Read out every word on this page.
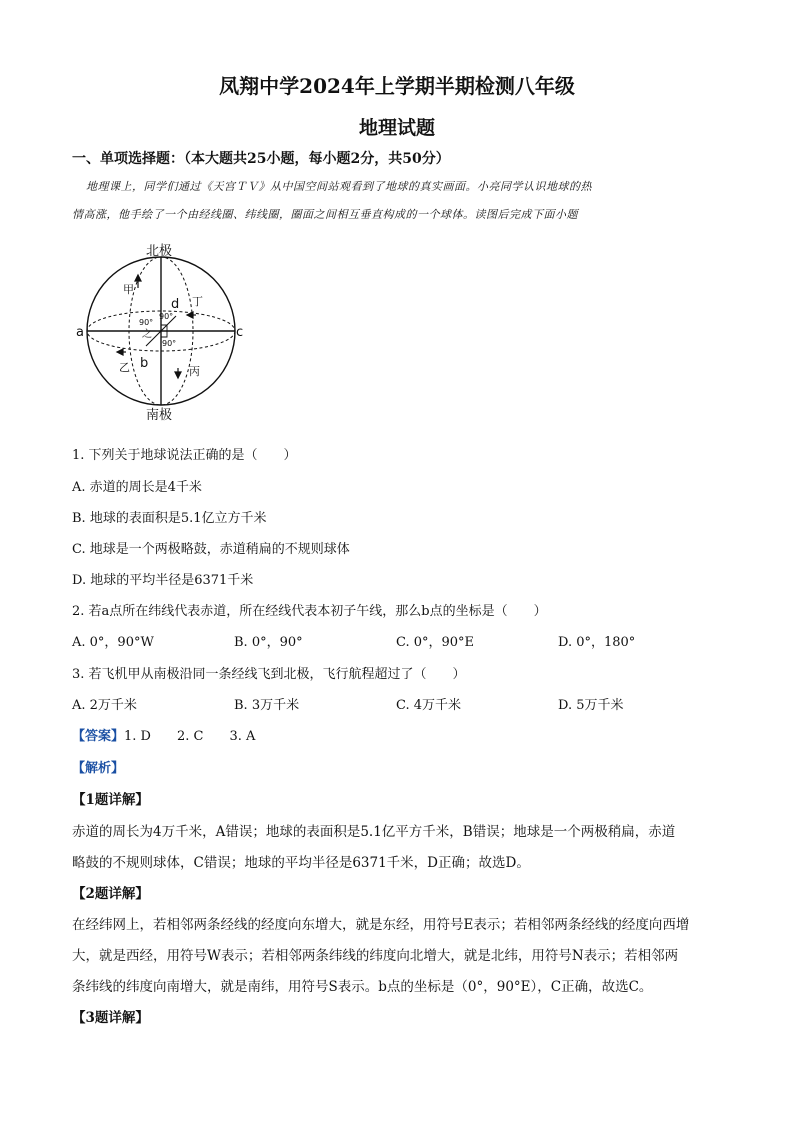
凤翔中学2024年上学期半期检测八年级
地理试题
一、单项选择题：（本大题共25小题，每小题2分，共50分）
地理课上，同学们通过《天宫ＴＶ》从中国空间站观看到了地球的真实画面。小亮同学认识地球的热
情高涨，他手绘了一个由经线圈、纬线圈，圈面之间相互垂直构成的一个球体。读图后完成下面小题
北极
南极
a	c
b
d
甲
乙	丙
丁
之
90°
90°
90°
1. 下列关于地球说法正确的是（　　）
A. 赤道的周长是4千米
B. 地球的表面积是5.1亿立方千米
C. 地球是一个两极略鼓，赤道稍扁的不规则球体
D. 地球的平均半径是6371千米
2. 若a点所在纬线代表赤道，所在经线代表本初子午线，那么b点的坐标是（　　）
A. 0°，90°W	B. 0°，90°	C. 0°，90°E	D. 0°，180°
3. 若飞机甲从南极沿同一条经线飞到北极，飞行航程超过了（　　）
A. 2万千米	B. 3万千米	C. 4万千米	D. 5万千米
【答案】1. D　　2. C　　3. A
【解析】
【1题详解】
赤道的周长为4万千米，A错误；地球的表面积是5.1亿平方千米，B错误；地球是一个两极稍扁，赤道
略鼓的不规则球体，C错误；地球的平均半径是6371千米，D正确；故选D。
【2题详解】
在经纬网上，若相邻两条经线的经度向东增大，就是东经，用符号E表示；若相邻两条经线的经度向西增
大，就是西经，用符号W表示；若相邻两条纬线的纬度向北增大，就是北纬，用符号N表示；若相邻两
条纬线的纬度向南增大，就是南纬，用符号S表示。b点的坐标是（0°，90°E），C正确，故选C。
【3题详解】
